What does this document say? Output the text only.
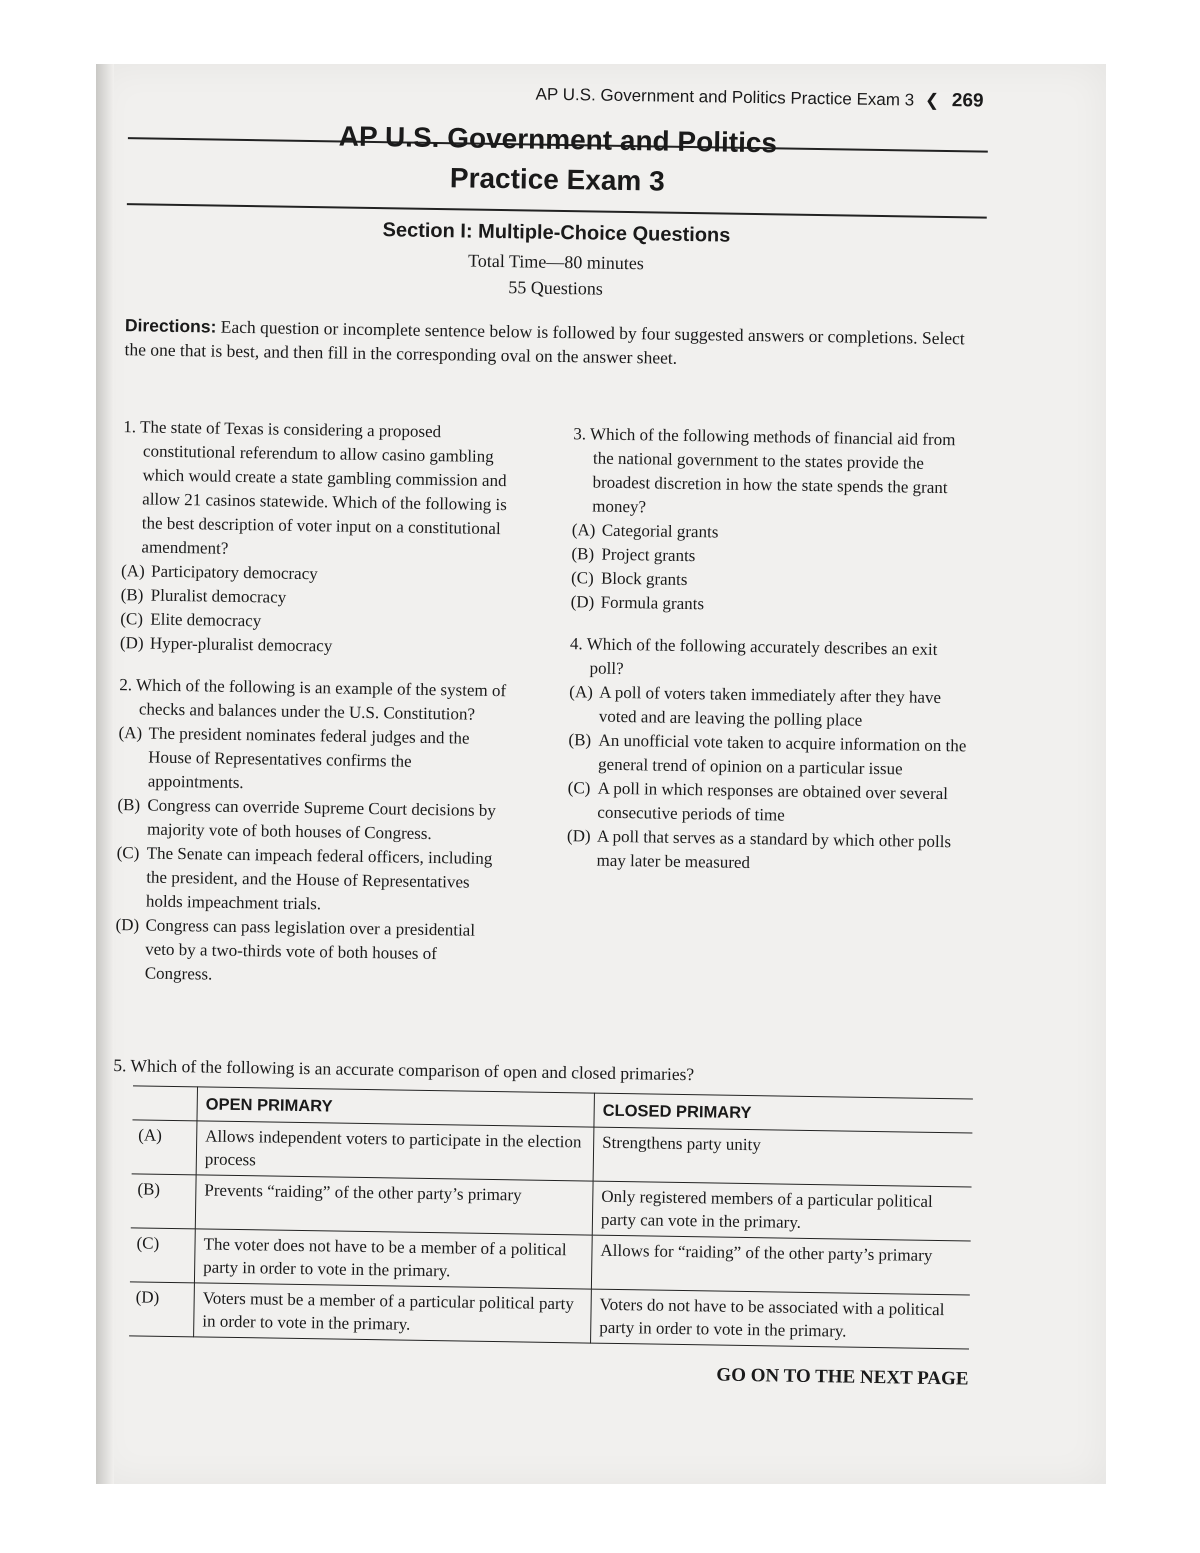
AP U.S. Government and Politics Practice Exam 3 ❮ 269
AP U.S. Government and Politics
Practice Exam 3
Section I: Multiple-Choice Questions
Total Time—80 minutes
55 Questions
Directions: Each question or incomplete sentence below is followed by four suggested answers or completions. Select the one that is best, and then fill in the corresponding oval on the answer sheet.
1. The state of Texas is considering a proposed constitutional referendum to allow casino gambling which would create a state gambling commission and allow 21 casinos statewide. Which of the following is the best description of voter input on a constitutional amendment?
(A) Participatory democracy
(B) Pluralist democracy
(C) Elite democracy
(D) Hyper-pluralist democracy
2. Which of the following is an example of the system of checks and balances under the U.S. Constitution?
(A) The president nominates federal judges and the House of Representatives confirms the appointments.
(B) Congress can override Supreme Court decisions by majority vote of both houses of Congress.
(C) The Senate can impeach federal officers, including the president, and the House of Representatives holds impeachment trials.
(D) Congress can pass legislation over a presidential veto by a two-thirds vote of both houses of Congress.
3. Which of the following methods of financial aid from the national government to the states provide the broadest discretion in how the state spends the grant money?
(A) Categorial grants
(B) Project grants
(C) Block grants
(D) Formula grants
4. Which of the following accurately describes an exit poll?
(A) A poll of voters taken immediately after they have voted and are leaving the polling place
(B) An unofficial vote taken to acquire information on the general trend of opinion on a particular issue
(C) A poll in which responses are obtained over several consecutive periods of time
(D) A poll that serves as a standard by which other polls may later be measured
5. Which of the following is an accurate comparison of open and closed primaries?
	OPEN PRIMARY	CLOSED PRIMARY
(A)	Allows independent voters to participate in the election process	Strengthens party unity
(B)	Prevents “raiding” of the other party’s primary	Only registered members of a particular political party can vote in the primary.
(C)	The voter does not have to be a member of a political party in order to vote in the primary.	Allows for “raiding” of the other party’s primary
(D)	Voters must be a member of a particular political party in order to vote in the primary.	Voters do not have to be associated with a political party in order to vote in the primary.
GO ON TO THE NEXT PAGE
